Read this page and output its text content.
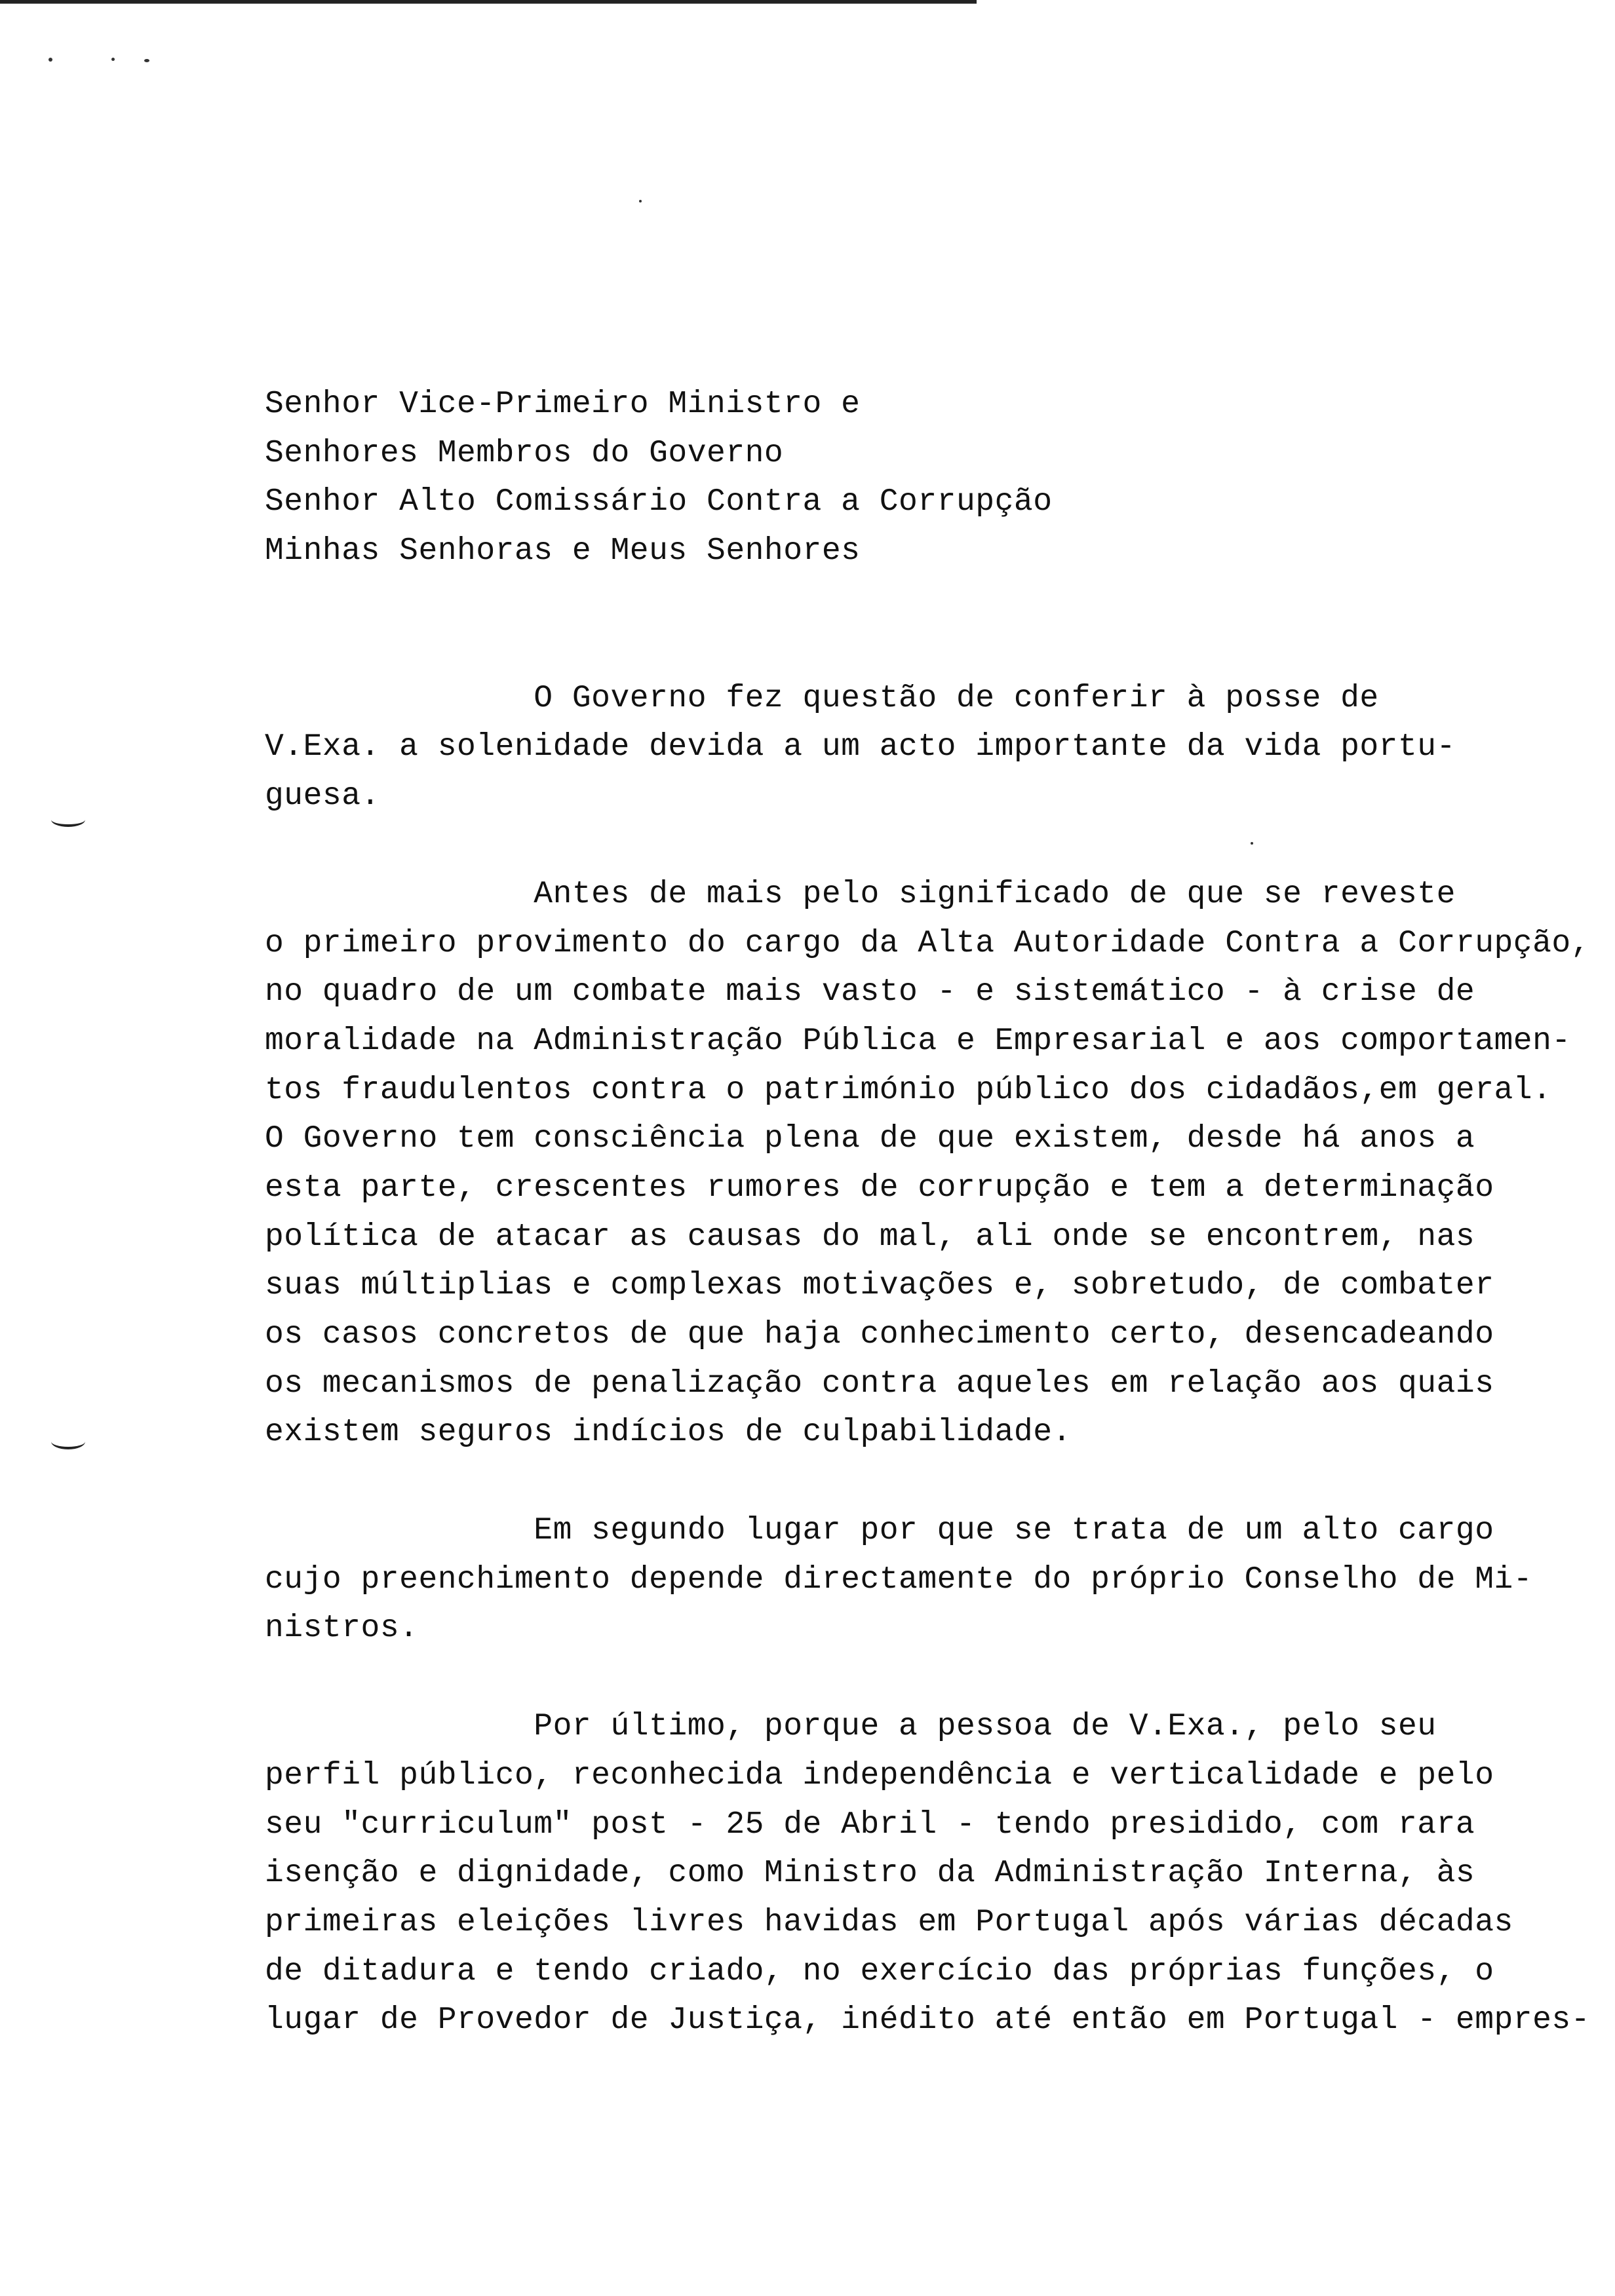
Senhor Vice-Primeiro Ministro e
Senhores Membros do Governo
Senhor Alto Comissário Contra a Corrupção
Minhas Senhoras e Meus Senhores
O Governo fez questão de conferir à posse de
V.Exa. a solenidade devida a um acto importante da vida portu-
guesa.
Antes de mais pelo significado de que se reveste
o primeiro provimento do cargo da Alta Autoridade Contra a Corrupção,
no quadro de um combate mais vasto - e sistemático - à crise de
moralidade na Administração Pública e Empresarial e aos comportamen-
tos fraudulentos contra o património público dos cidadãos,em geral.
O Governo tem consciência plena de que existem, desde há anos a
esta parte, crescentes rumores de corrupção e tem a determinação
política de atacar as causas do mal, ali onde se encontrem, nas
suas múltiplias e complexas motivações e, sobretudo, de combater
os casos concretos de que haja conhecimento certo, desencadeando
os mecanismos de penalização contra aqueles em relação aos quais
existem seguros indícios de culpabilidade.
Em segundo lugar por que se trata de um alto cargo
cujo preenchimento depende directamente do próprio Conselho de Mi-
nistros.
Por último, porque a pessoa de V.Exa., pelo seu
perfil público, reconhecida independência e verticalidade e pelo
seu "curriculum" post - 25 de Abril - tendo presidido, com rara
isenção e dignidade, como Ministro da Administração Interna, às
primeiras eleições livres havidas em Portugal após várias décadas
de ditadura e tendo criado, no exercício das próprias funções, o
lugar de Provedor de Justiça, inédito até então em Portugal - empres-
